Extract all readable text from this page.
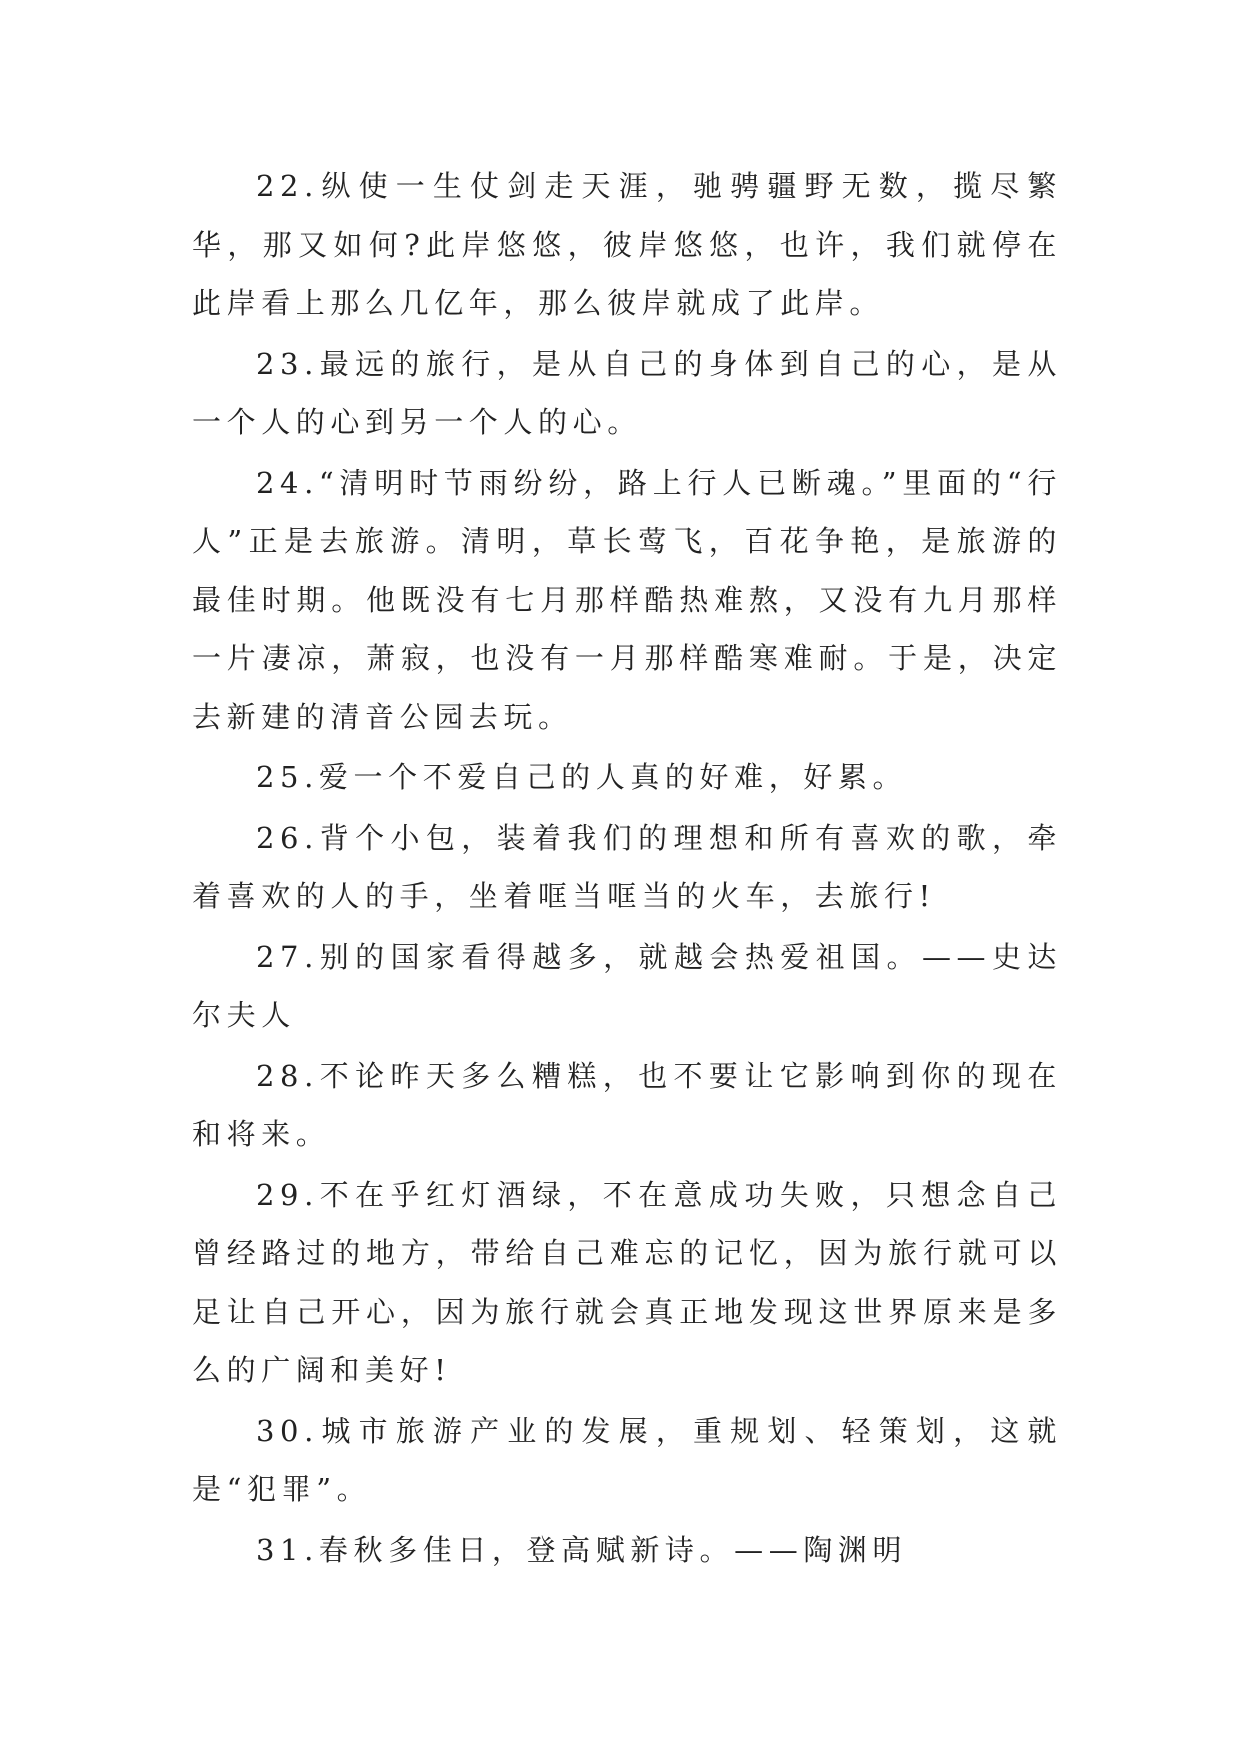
22.纵使一生仗剑走天涯，驰骋疆野无数，揽尽繁华，那又如何?此岸悠悠，彼岸悠悠，也许，我们就停在此岸看上那么几亿年，那么彼岸就成了此岸。

23.最远的旅行，是从自己的身体到自己的心，是从一个人的心到另一个人的心。

24.“清明时节雨纷纷，路上行人已断魂。”里面的“行人”正是去旅游。清明，草长莺飞，百花争艳，是旅游的最佳时期。他既没有七月那样酷热难熬，又没有九月那样一片凄凉，萧寂，也没有一月那样酷寒难耐。于是，决定去新建的清音公园去玩。

25.爱一个不爱自己的人真的好难，好累。

26.背个小包，装着我们的理想和所有喜欢的歌，牵着喜欢的人的手，坐着哐当哐当的火车，去旅行!

27.别的国家看得越多，就越会热爱祖国。——史达尔夫人

28.不论昨天多么糟糕，也不要让它影响到你的现在和将来。

29.不在乎红灯酒绿，不在意成功失败，只想念自己曾经路过的地方，带给自己难忘的记忆，因为旅行就可以足让自己开心，因为旅行就会真正地发现这世界原来是多么的广阔和美好!

30.城市旅游产业的发展，重规划、轻策划，这就是“犯罪”。

31.春秋多佳日，登高赋新诗。——陶渊明
